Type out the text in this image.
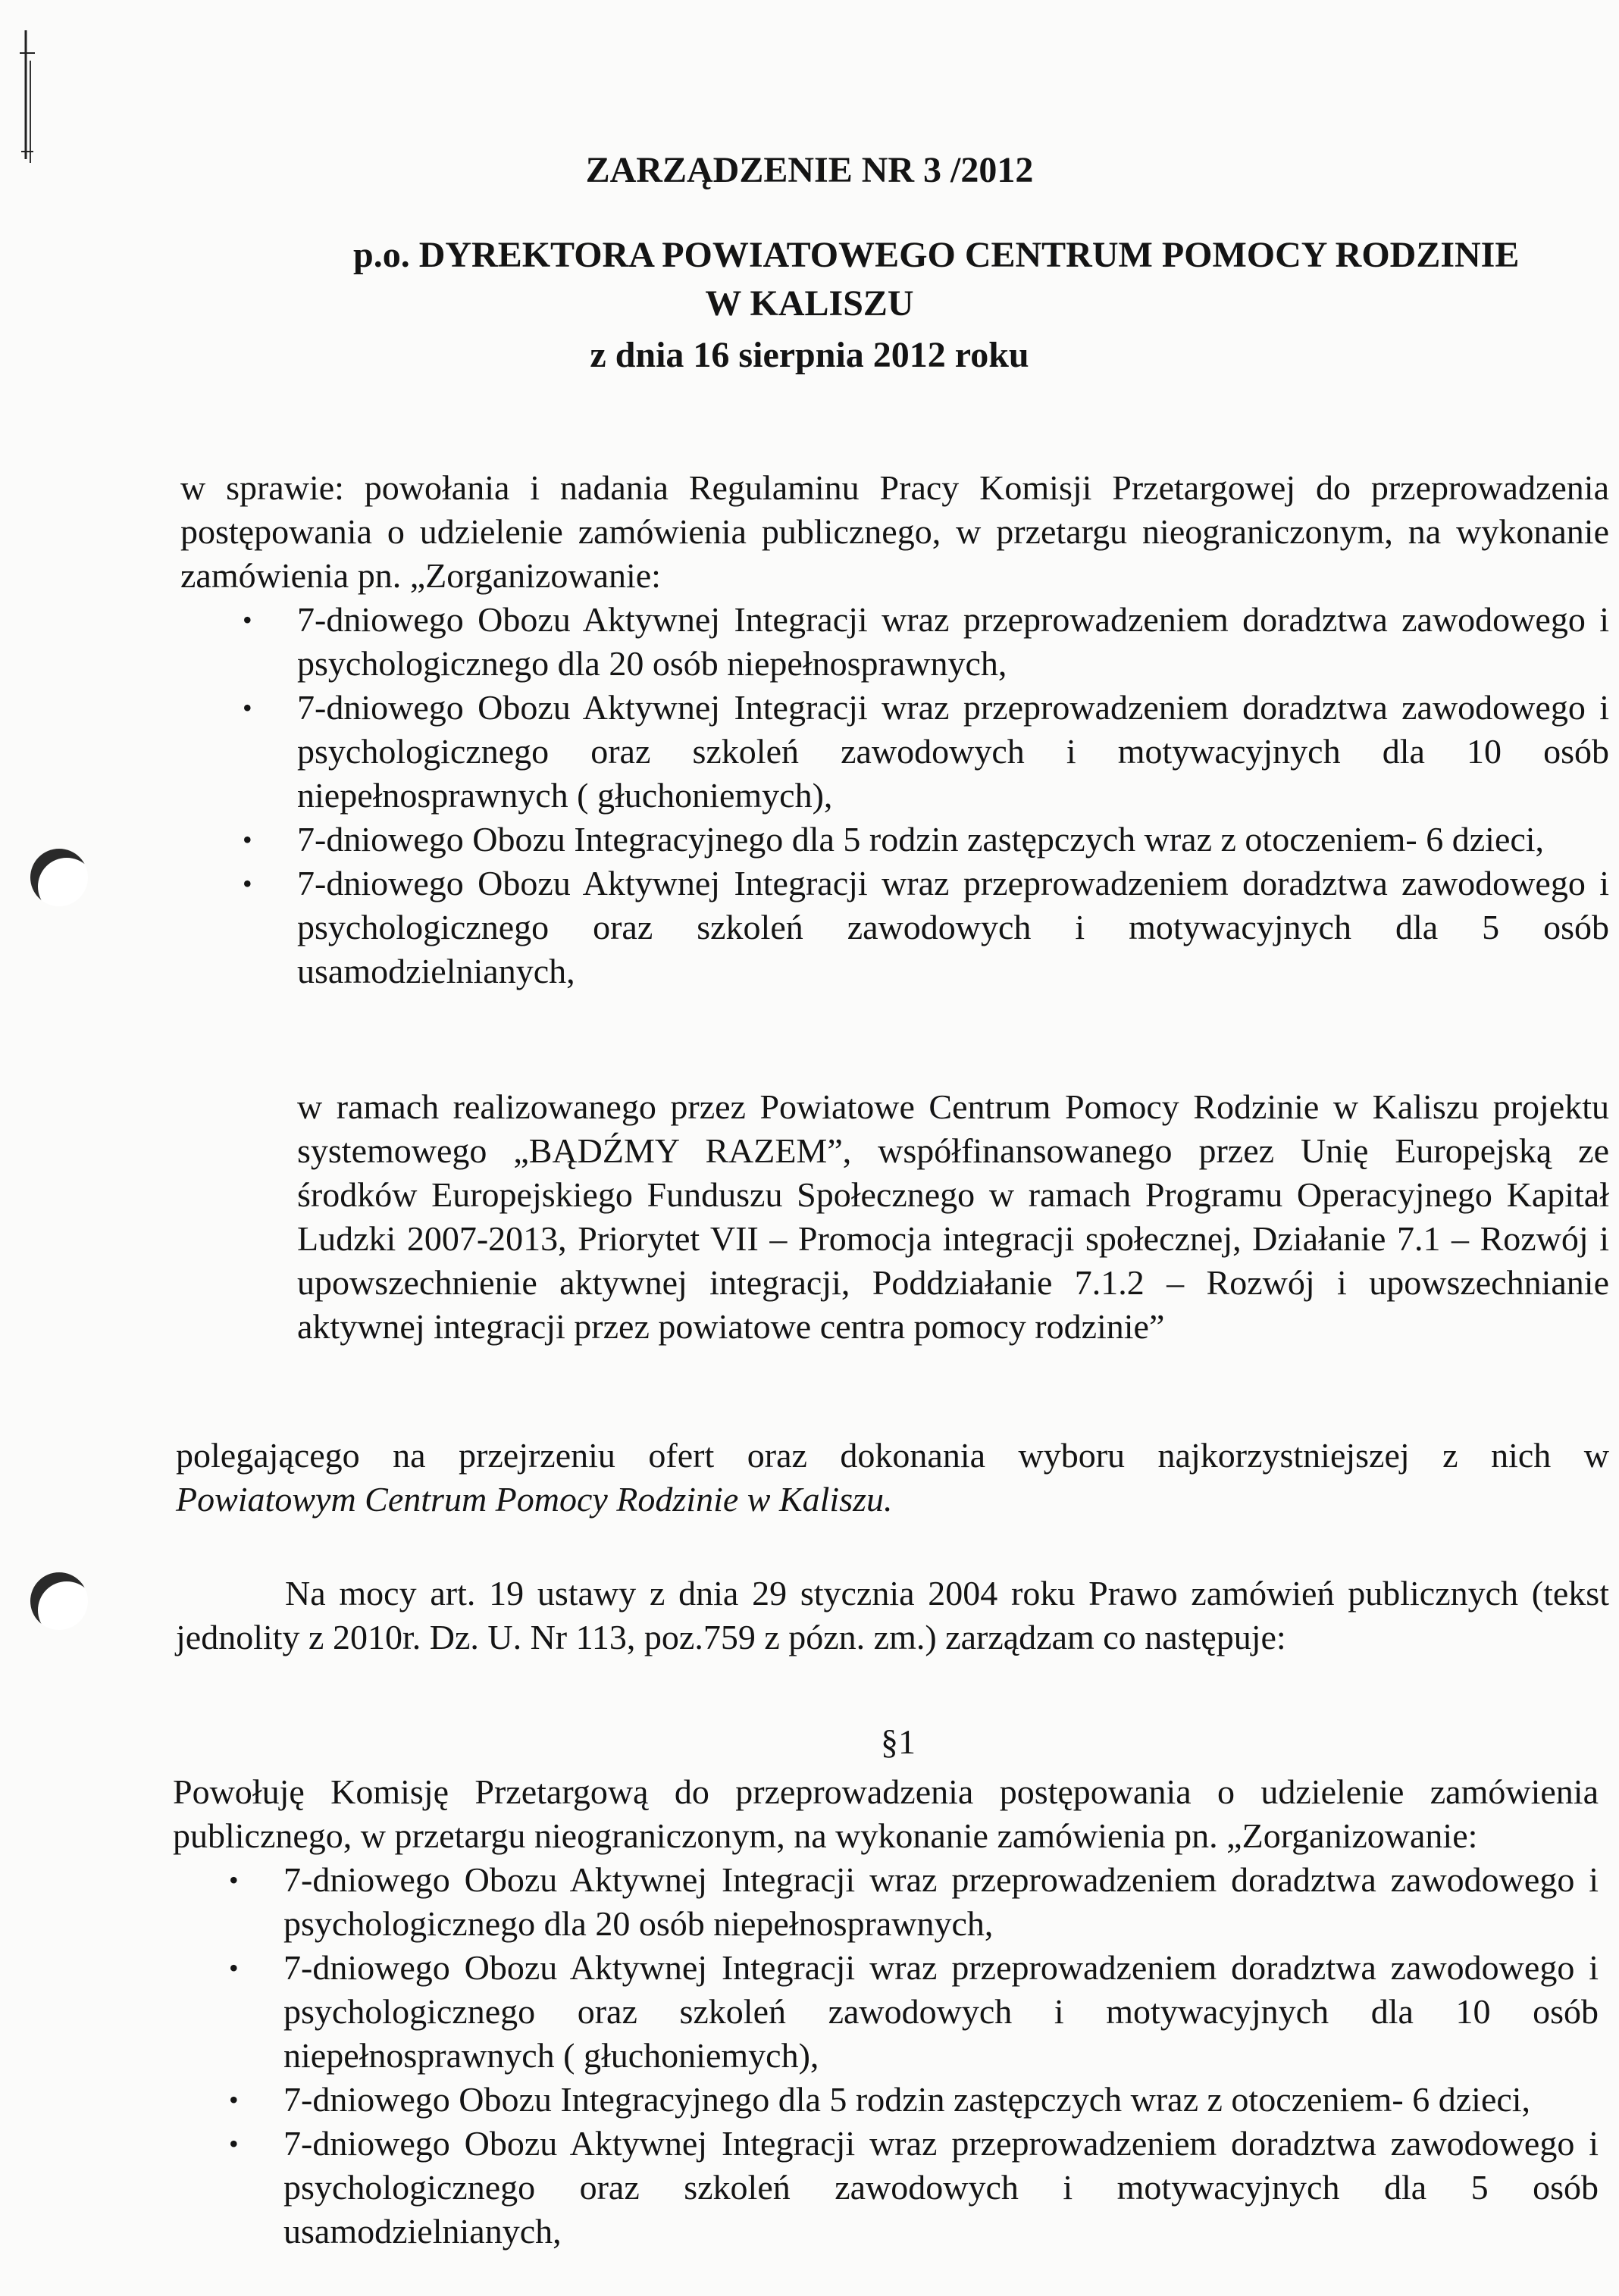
ZARZĄDZENIE NR 3 /2012
p.o. DYREKTORA POWIATOWEGO CENTRUM POMOCY RODZINIE
W KALISZU
z dnia 16 sierpnia 2012 roku
w sprawie: powołania i nadania Regulaminu Pracy Komisji Przetargowej do przeprowadzenia postępowania o udzielenie zamówienia publicznego, w przetargu nieograniczonym, na wykonanie zamówienia pn. „Zorganizowanie:
• 7-dniowego Obozu Aktywnej Integracji wraz przeprowadzeniem doradztwa zawodowego i psychologicznego dla 20 osób niepełnosprawnych,
• 7-dniowego Obozu Aktywnej Integracji wraz przeprowadzeniem doradztwa zawodowego i psychologicznego oraz szkoleń zawodowych i motywacyjnych dla 10 osób niepełnosprawnych ( głuchoniemych),
• 7-dniowego Obozu Integracyjnego dla 5 rodzin zastępczych wraz z otoczeniem- 6 dzieci,
• 7-dniowego Obozu Aktywnej Integracji wraz przeprowadzeniem doradztwa zawodowego i psychologicznego oraz szkoleń zawodowych i motywacyjnych dla 5 osób usamodzielnianych,
w ramach realizowanego przez Powiatowe Centrum Pomocy Rodzinie w Kaliszu projektu systemowego „BĄDŹMY RAZEM”, współfinansowanego przez Unię Europejską ze środków Europejskiego Funduszu Społecznego w ramach Programu Operacyjnego Kapitał Ludzki 2007-2013, Priorytet VII – Promocja integracji społecznej, Działanie 7.1 – Rozwój i upowszechnienie aktywnej integracji, Poddziałanie 7.1.2 – Rozwój i upowszechnianie aktywnej integracji przez powiatowe centra pomocy rodzinie”
polegającego na przejrzeniu ofert oraz dokonania wyboru najkorzystniejszej z nich w
Powiatowym Centrum Pomocy Rodzinie w Kaliszu.
Na mocy art. 19 ustawy z dnia 29 stycznia 2004 roku Prawo zamówień publicznych (tekst jednolity z 2010r. Dz. U. Nr 113, poz.759 z pózn. zm.) zarządzam co następuje:
§1
Powołuję Komisję Przetargową do przeprowadzenia postępowania o udzielenie zamówienia publicznego, w przetargu nieograniczonym, na wykonanie zamówienia pn. „Zorganizowanie:
• 7-dniowego Obozu Aktywnej Integracji wraz przeprowadzeniem doradztwa zawodowego i psychologicznego dla 20 osób niepełnosprawnych,
• 7-dniowego Obozu Aktywnej Integracji wraz przeprowadzeniem doradztwa zawodowego i psychologicznego oraz szkoleń zawodowych i motywacyjnych dla 10 osób niepełnosprawnych ( głuchoniemych),
• 7-dniowego Obozu Integracyjnego dla 5 rodzin zastępczych wraz z otoczeniem- 6 dzieci,
• 7-dniowego Obozu Aktywnej Integracji wraz przeprowadzeniem doradztwa zawodowego i psychologicznego oraz szkoleń zawodowych i motywacyjnych dla 5 osób usamodzielnianych,
